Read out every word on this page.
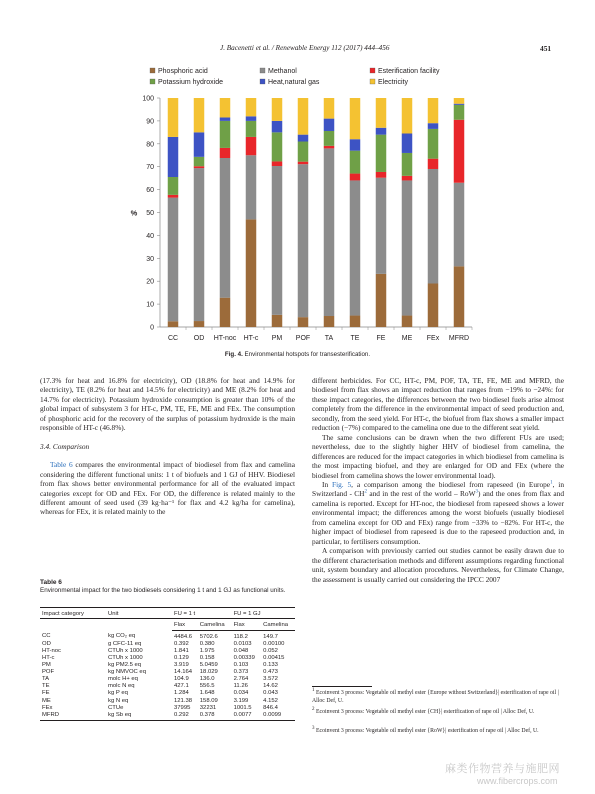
J. Bacenetti et al. / Renewable Energy 112 (2017) 444–456	451
Phosphoric acid	Methanol	Esterification facility
Potassium hydroxide	Heat,natural gas	Electricity
0
10
20
30
40
50
60
70
80
90
100
%
CC OD HT-noc HT-c PM POF TA TE FE ME FEx MFRD
Fig. 4. Environmental hotspots for transesterification.

(17.3% for heat and 16.8% for electricity), OD (18.8% for heat and 14.9% for electricity), TE (8.2% for heat and 14.5% for electricity) and ME (8.2% for heat and 14.7% for electricity). Potassium hydroxide consumption is greater than 10% of the global impact of subsystem 3 for HT-c, PM, TE, FE, ME and FEx. The consumption of phosphoric acid for the recovery of the surplus of potassium hydroxide is the main responsible of HT-c (46.8%).

3.4. Comparison

Table 6 compares the environmental impact of biodiesel from flax and camelina considering the different functional units: 1 t of biofuels and 1 GJ of HHV. Biodiesel from flax shows better environmental performance for all of the evaluated impact categories except for OD and FEx. For OD, the difference is related mainly to the different amount of seed used (39 kg·ha⁻¹ for flax and 4.2 kg/ha for camelina), whereas for FEx, it is related mainly to the

Table 6
Environmental impact for the two biodiesels considering 1 t and 1 GJ as functional units.
Impact category	Unit	FU = 1 t		FU = 1 GJ	
		Flax	Camelina	Flax	Camelina
CC	kg CO₂ eq	4484.6	5702.6	118.2	149.7
OD	g CFC-11 eq	0.392	0.380	0.0103	0.00100
HT-noc	CTUh x 1000	1.841	1.975	0.048	0.052
HT-c	CTUh x 1000	0.129	0.158	0.00339	0.00415
PM	kg PM2.5 eq	3.919	5.0459	0.103	0.133
POF	kg NMVOC eq	14.164	18.029	0.373	0.473
TA	molc H+ eq	104.9	136.0	2.764	3.572
TE	molc N eq	427.1	556.5	11.26	14.62
FE	kg P eq	1.284	1.648	0.034	0.043
ME	kg N eq	121.38	158.09	3.199	4.152
FEx	CTUe	37995	32231	1001.5	846.4
MFRD	kg Sb eq	0.292	0.378	0.0077	0.0099

different herbicides. For CC, HT-c, PM, POF, TA, TE, FE, ME and MFRD, the biodiesel from flax shows an impact reduction that ranges from −19% to −24%: for these impact categories, the differences between the two biodiesel fuels arise almost completely from the difference in the environmental impact of seed production and, secondly, from the seed yield. For HT-c, the biofuel from flax shows a smaller impact reduction (−7%) compared to the camelina one due to the different seat yield.

The same conclusions can be drawn when the two different FUs are used; nevertheless, due to the slightly higher HHV of biodiesel from camelina, the differences are reduced for the impact categories in which biodiesel from camelina is the most impacting biofuel, and they are enlarged for OD and FEx (where the biodiesel from camelina shows the lower environmental load).

In Fig. 5, a comparison among the biodiesel from rapeseed (in Europe$^1$, in Switzerland - $CH^2$ and in the rest of the world – RoW$^3$) and the ones from flax and camelina is reported. Except for HT-noc, the biodiesel from rapeseed shows a lower environmental impact; the differences among the worst biofuels (usually biodiesel from camelina except for OD and FEx) range from −33% to −82%. For HT-c, the higher impact of biodiesel from rapeseed is due to the rapeseed production and, in particular, to fertilisers consumption.

A comparison with previously carried out studies cannot be easily drawn due to the different characterisation methods and different assumptions regarding functional unit, system boundary and allocation procedures. Nevertheless, for Climate Change, the assessment is usually carried out considering the IPCC 2007

$^1$ Ecoinvent 3 process: Vegetable oil methyl ester {Europe without Switzerland}| esterification of rape oil | Alloc Def, U.
$^2$ Ecoinvent 3 process: Vegetable oil methyl ester {CH}| esterification of rape oil | Alloc Def, U.
$^3$ Ecoinvent 3 process: Vegetable oil methyl ester {RoW}| esterification of rape oil | Alloc Def, U.
麻类作物营养与施肥网
www.fibercrops.com
